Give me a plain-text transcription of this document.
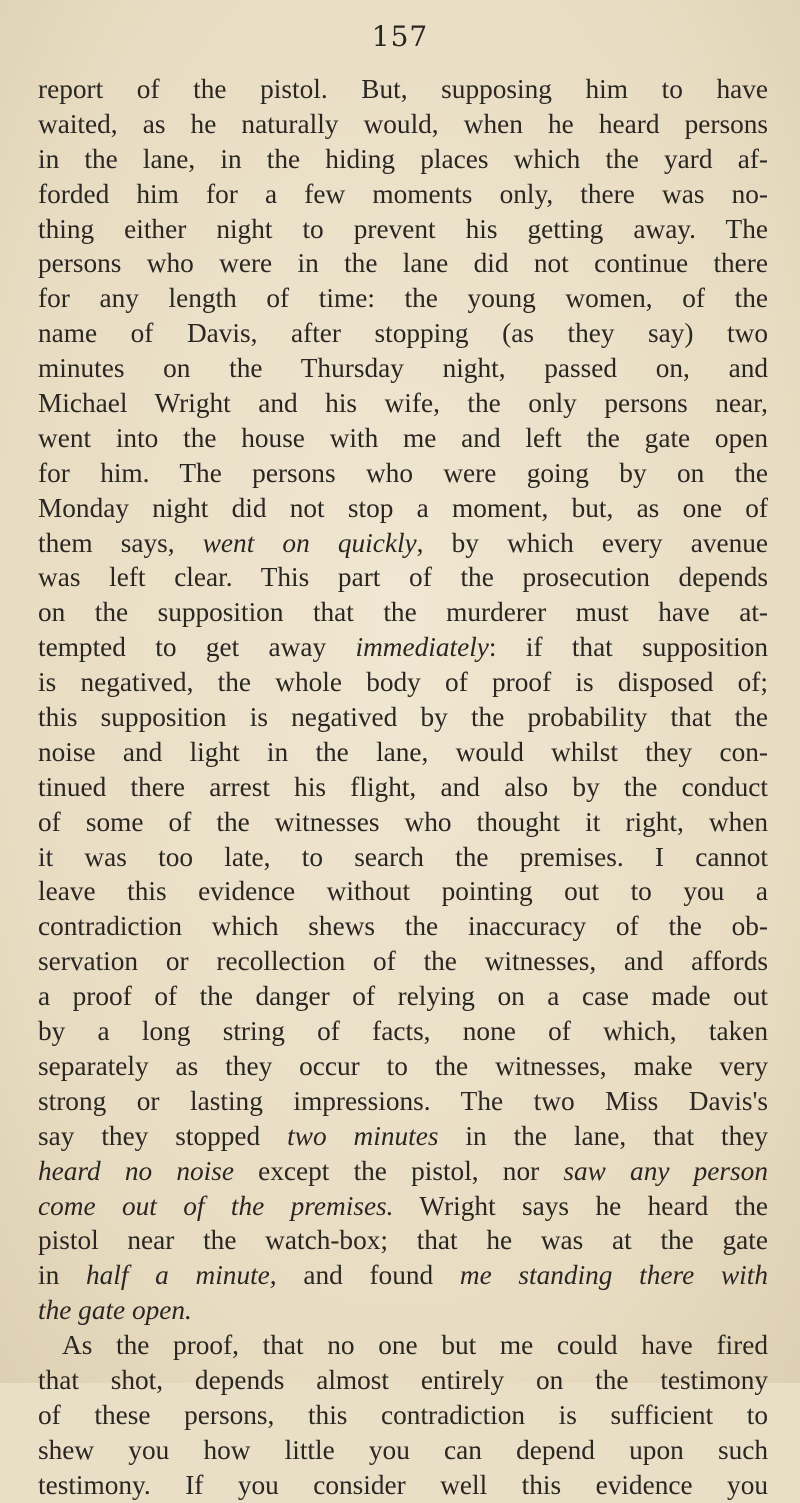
157
report of the pistol. But, supposing him to have
waited, as he naturally would, when he heard persons
in the lane, in the hiding places which the yard af-
forded him for a few moments only, there was no-
thing either night to prevent his getting away. The
persons who were in the lane did not continue there
for any length of time: the young women, of the
name of Davis, after stopping (as they say) two
minutes on the Thursday night, passed on, and
Michael Wright and his wife, the only persons near,
went into the house with me and left the gate open
for him. The persons who were going by on the
Monday night did not stop a moment, but, as one of
them says, went on quickly, by which every avenue
was left clear. This part of the prosecution depends
on the supposition that the murderer must have at-
tempted to get away immediately: if that supposition
is negatived, the whole body of proof is disposed of;
this supposition is negatived by the probability that the
noise and light in the lane, would whilst they con-
tinued there arrest his flight, and also by the conduct
of some of the witnesses who thought it right, when
it was too late, to search the premises. I cannot
leave this evidence without pointing out to you a
contradiction which shews the inaccuracy of the ob-
servation or recollection of the witnesses, and affords
a proof of the danger of relying on a case made out
by a long string of facts, none of which, taken
separately as they occur to the witnesses, make very
strong or lasting impressions. The two Miss Davis's
say they stopped two minutes in the lane, that they
heard no noise except the pistol, nor saw any person
come out of the premises. Wright says he heard the
pistol near the watch-box; that he was at the gate
in half a minute, and found me standing there with
the gate open.
As the proof, that no one but me could have fired
that shot, depends almost entirely on the testimony
of these persons, this contradiction is sufficient to
shew you how little you can depend upon such
testimony. If you consider well this evidence you
